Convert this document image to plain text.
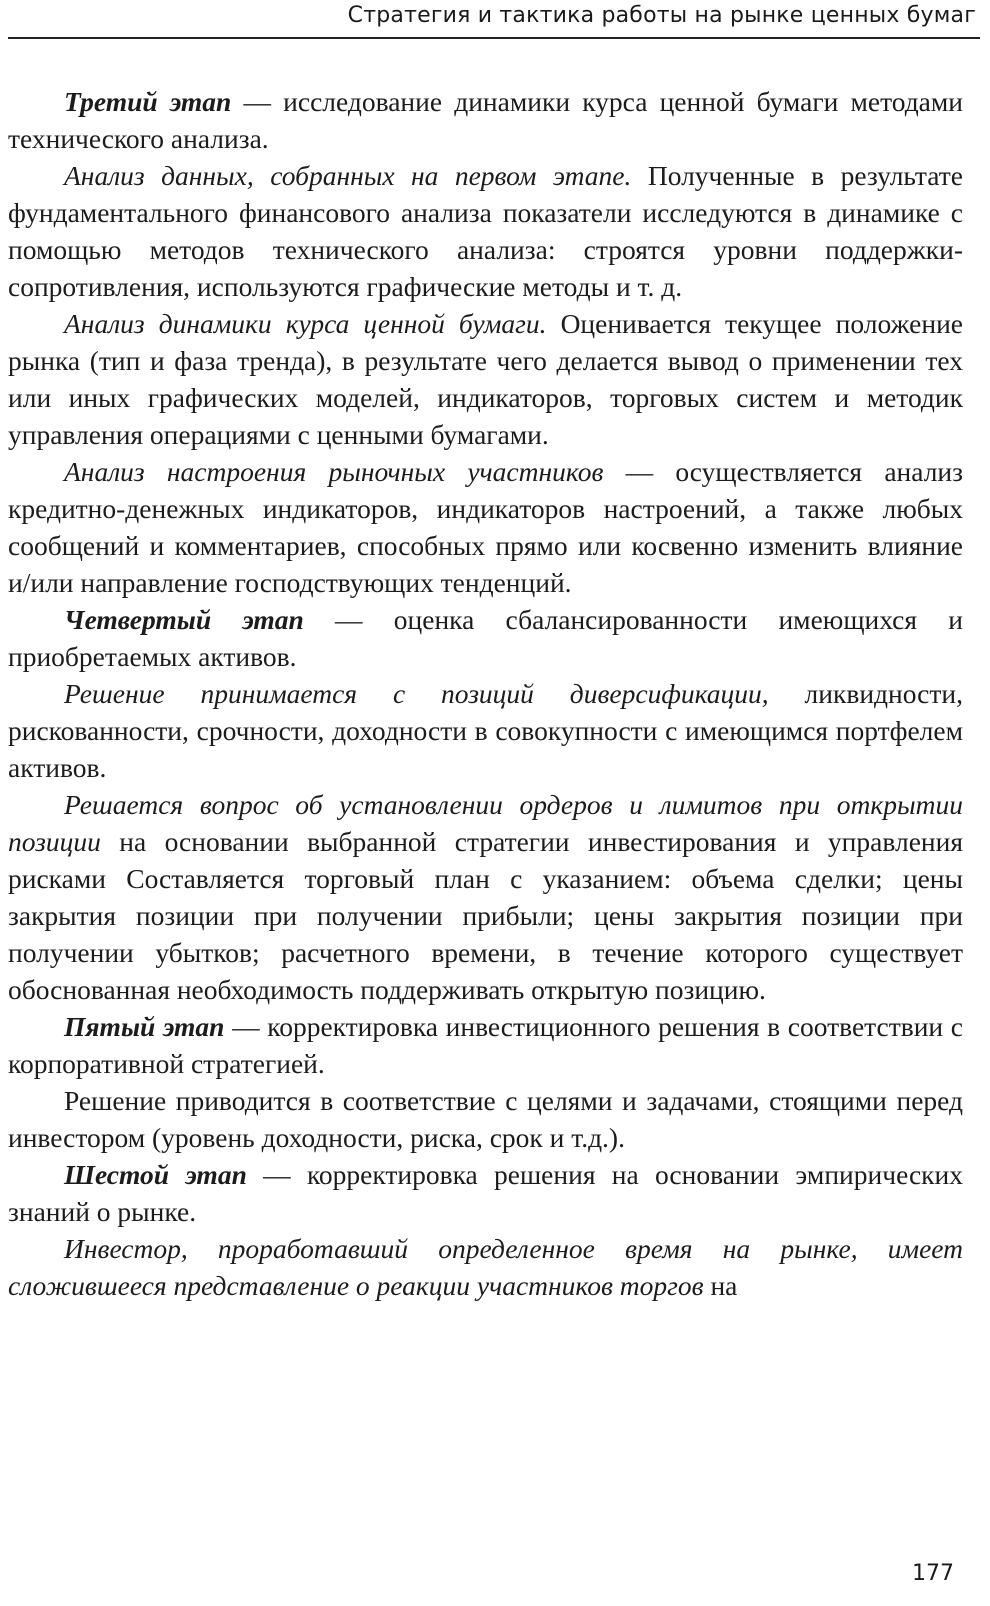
Стратегия и тактика работы на рынке ценных бумаг

Третий этап — исследование динамики курса ценной бумаги методами технического анализа.

Анализ данных, собранных на первом этапе. Полученные в результате фундаментального финансового анализа показатели исследуются в динамике с помощью методов технического анализа: строятся уровни поддержки-сопротивления, используются графические методы и т. д.

Анализ динамики курса ценной бумаги. Оценивается текущее положение рынка (тип и фаза тренда), в результате чего делается вывод о применении тех или иных графических моделей, индикаторов, торговых систем и методик управления операциями с ценными бумагами.

Анализ настроения рыночных участников — осуществляется анализ кредитно-денежных индикаторов, индикаторов настроений, а также любых сообщений и комментариев, способных прямо или косвенно изменить влияние и/или направление господствующих тенденций.

Четвертый этап — оценка сбалансированности имеющихся и приобретаемых активов.

Решение принимается с позиций диверсификации, ликвидности, рискованности, срочности, доходности в совокупности с имеющимся портфелем активов.

Решается вопрос об установлении ордеров и лимитов при открытии позиции на основании выбранной стратегии инвестирования и управления рисками Составляется торговый план с указанием: объема сделки; цены закрытия позиции при получении прибыли; цены закрытия позиции при получении убытков; расчетного времени, в течение которого существует обоснованная необходимость поддерживать открытую позицию.

Пятый этап — корректировка инвестиционного решения в соответствии с корпоративной стратегией.

Решение приводится в соответствие с целями и задачами, стоящими перед инвестором (уровень доходности, риска, срок и т.д.).

Шестой этап — корректировка решения на основании эмпирических знаний о рынке.

Инвестор, проработавший определенное время на рынке, имеет сложившееся представление о реакции участников торгов на

177
